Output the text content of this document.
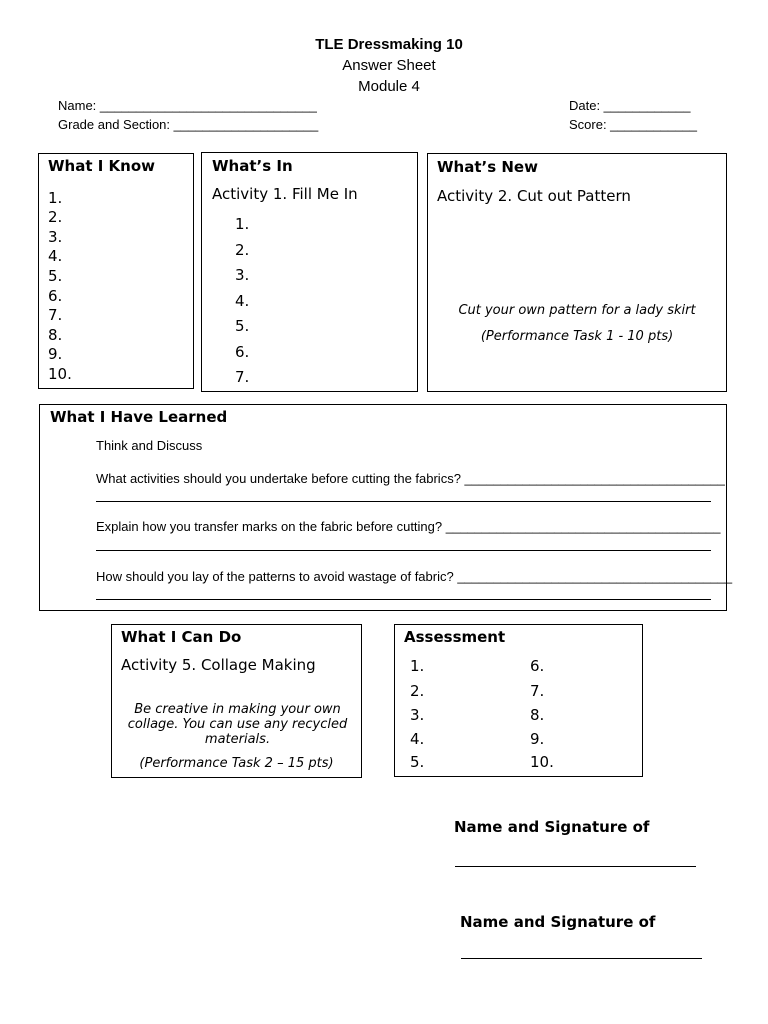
TLE Dressmaking 10
Answer Sheet
Module 4
Name: ______________________________
Grade and Section: ____________________
Date: ____________
Score: ____________
What I Know
1.
2.
3.
4.
5.
6.
7.
8.
9.
10.
What’s In
Activity 1. Fill Me In
1.
2.
3.
4.
5.
6.
7.
What’s New
Activity 2. Cut out Pattern
Cut your own pattern for a lady skirt
(Performance Task 1 - 10 pts)
What I Have Learned
Think and Discuss
What activities should you undertake before cutting the fabrics? ____________________________________
Explain how you transfer marks on the fabric before cutting? ______________________________________
How should you lay of the patterns to avoid wastage of fabric? ______________________________________
What I Can Do
Activity 5. Collage Making
Be creative in making your own collage. You can use any recycled materials.
(Performance Task 2 – 15 pts)
Assessment
1.
2.
3.
4.
5.
6.
7.
8.
9.
10.
Name and Signature of
Name and Signature of
